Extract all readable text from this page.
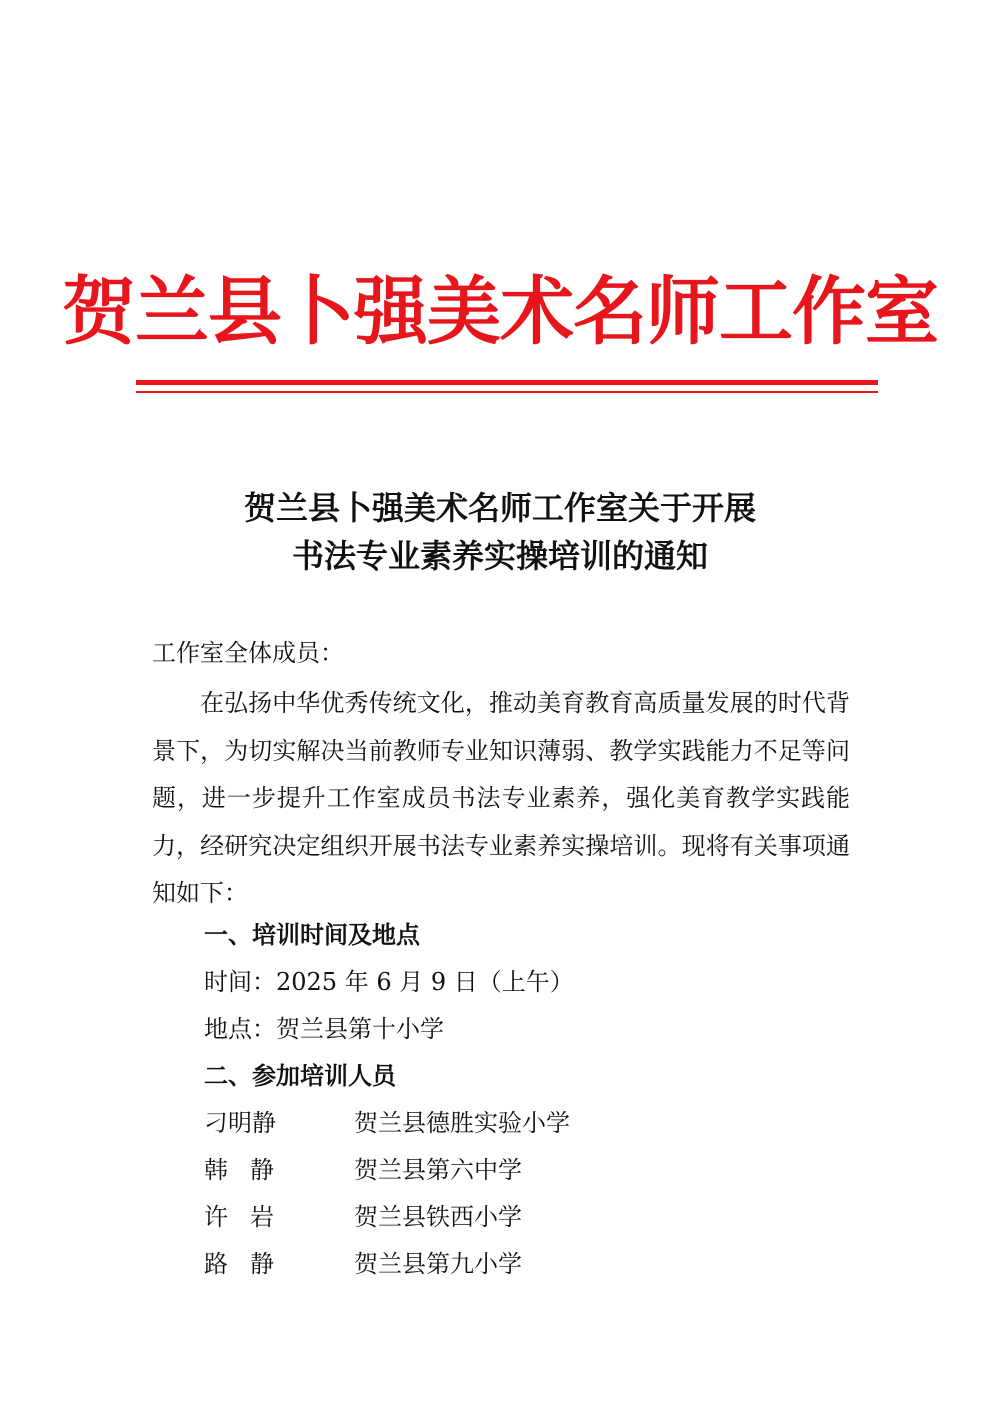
贺兰县卜强美术名师工作室
贺兰县卜强美术名师工作室关于开展
书法专业素养实操培训的通知
工作室全体成员：
在弘扬中华优秀传统文化，推动美育教育高质量发展的时代背景下，为切实解决当前教师专业知识薄弱、教学实践能力不足等问题，进一步提升工作室成员书法专业素养，强化美育教学实践能力，经研究决定组织开展书法专业素养实操培训。现将有关事项通知如下：
一、培训时间及地点
时间：2025 年 6 月 9 日（上午）
地点：贺兰县第十小学
二、参加培训人员
刁明静	贺兰县德胜实验小学
韩静 贺兰县第六中学
许岩 贺兰县铁西小学
路静 贺兰县第九小学
